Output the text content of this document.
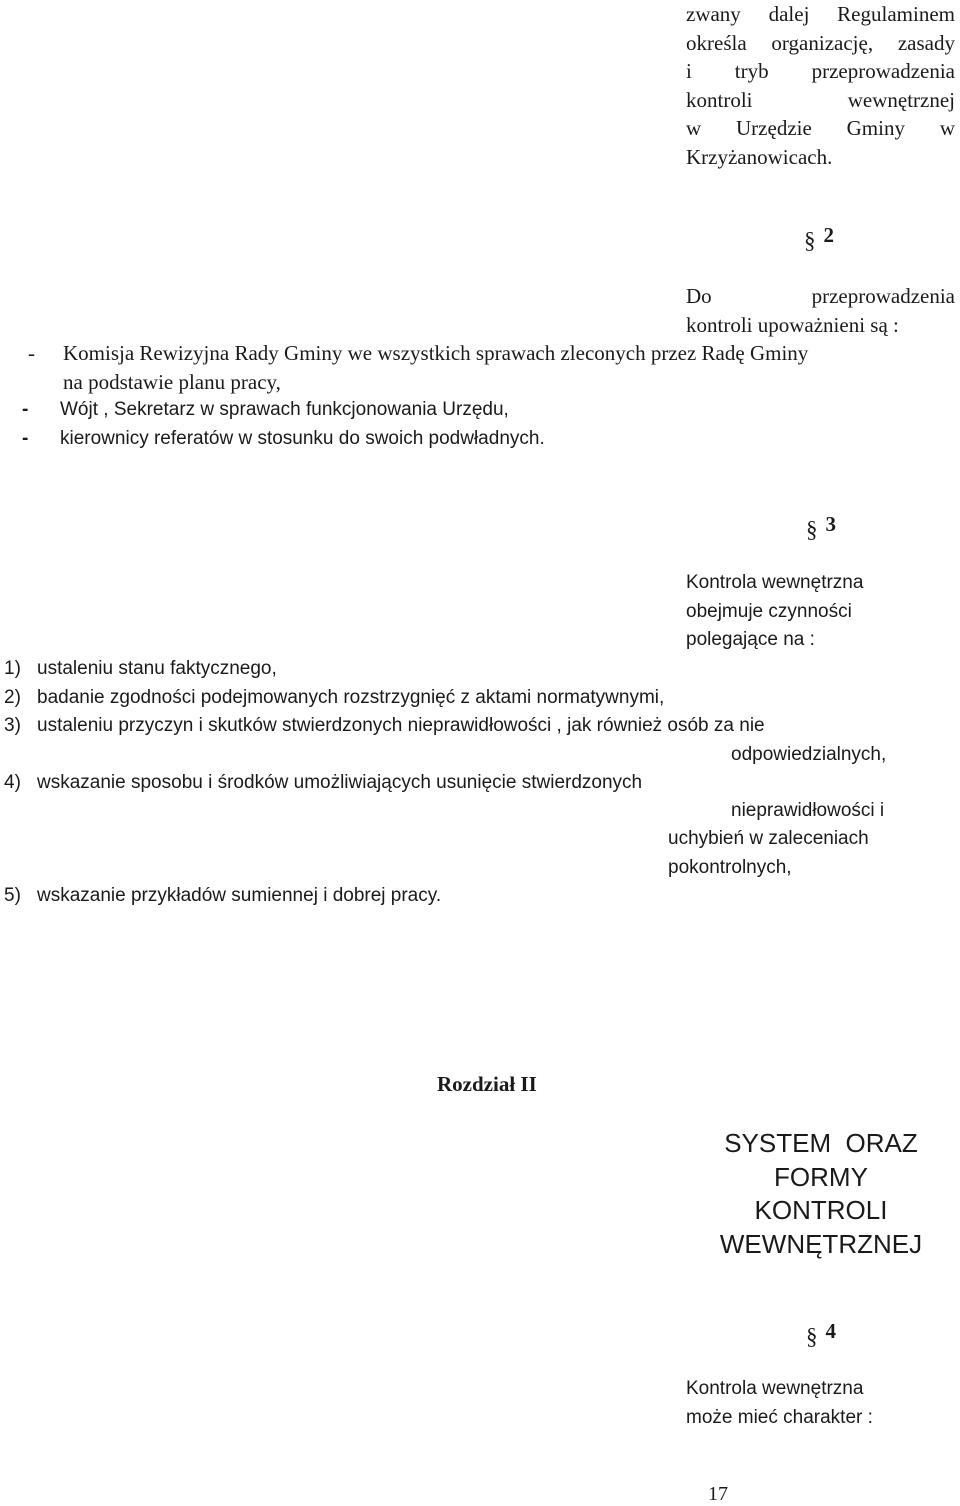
zwany dalej Regulaminem
określa organizację, zasady
i tryb przeprowadzenia
kontroli wewnętrznej
w Urzędzie Gminy w
Krzyżanowicach.
§ 2
Do przeprowadzenia
kontroli upoważnieni są :
- Komisja Rewizyjna Rady Gminy we wszystkich sprawach zleconych przez Radę Gminy
na podstawie planu pracy,
- Wójt , Sekretarz w sprawach funkcjonowania Urzędu,
- kierownicy referatów w stosunku do swoich podwładnych.
§ 3
Kontrola wewnętrzna
obejmuje czynności
polegające na :
1) ustaleniu stanu faktycznego,
2) badanie zgodności podejmowanych rozstrzygnięć z aktami normatywnymi,
3) ustaleniu przyczyn i skutków stwierdzonych nieprawidłowości , jak również osób za nie
odpowiedzialnych,
4) wskazanie sposobu i środków umożliwiających usunięcie stwierdzonych
nieprawidłowości i
uchybień w zaleceniach
pokontrolnych,
5) wskazanie przykładów sumiennej i dobrej pracy.
Rozdział II
SYSTEM  ORAZ
FORMY
KONTROLI
WEWNĘTRZNEJ
§ 4
Kontrola wewnętrzna
może mieć charakter :
17
